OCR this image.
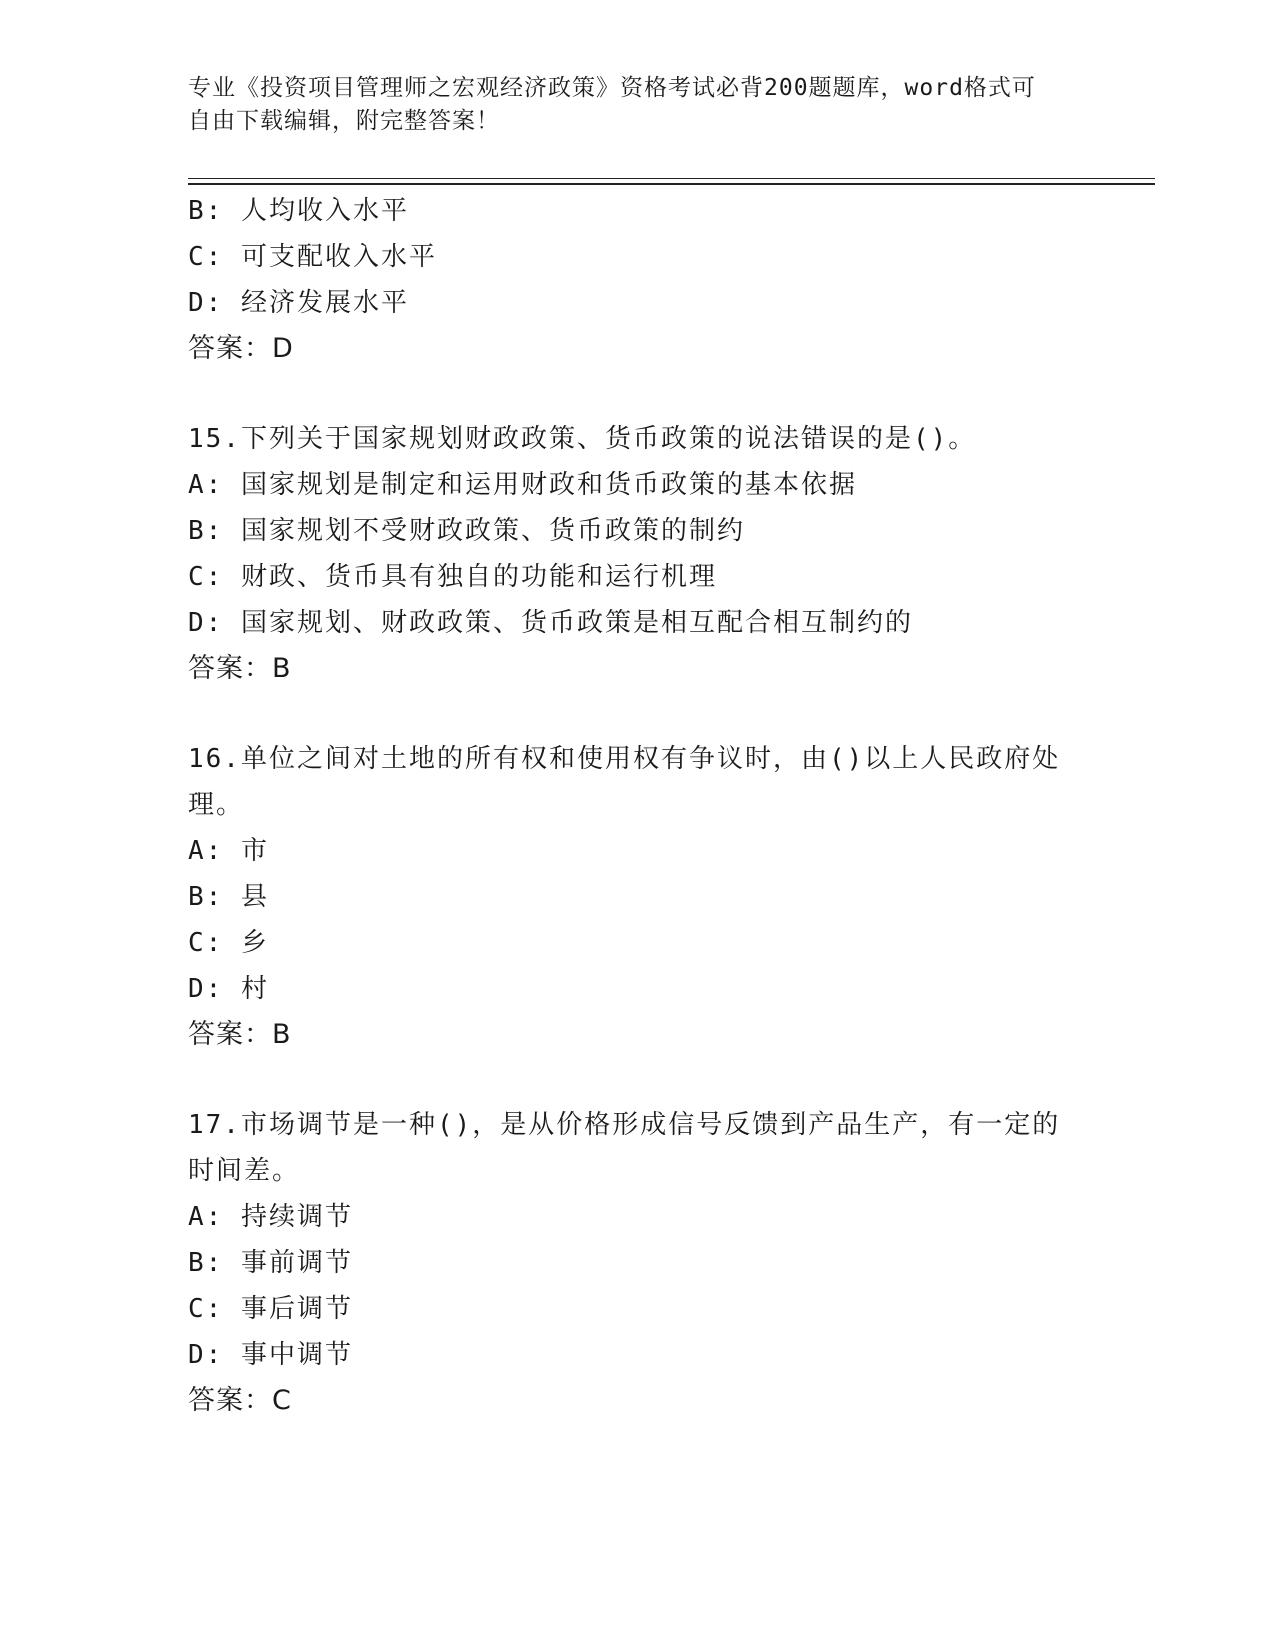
专业《投资项目管理师之宏观经济政策》资格考试必背200题题库，word格式可
自由下载编辑，附完整答案！
B: 人均收入水平
C: 可支配收入水平
D: 经济发展水平
答案：D
15.下列关于国家规划财政政策、货币政策的说法错误的是()。
A: 国家规划是制定和运用财政和货币政策的基本依据
B: 国家规划不受财政政策、货币政策的制约
C: 财政、货币具有独自的功能和运行机理
D: 国家规划、财政政策、货币政策是相互配合相互制约的
答案：B
16.单位之间对土地的所有权和使用权有争议时，由()以上人民政府处
理。
A: 市
B: 县
C: 乡
D: 村
答案：B
17.市场调节是一种()，是从价格形成信号反馈到产品生产，有一定的
时间差。
A: 持续调节
B: 事前调节
C: 事后调节
D: 事中调节
答案：C
